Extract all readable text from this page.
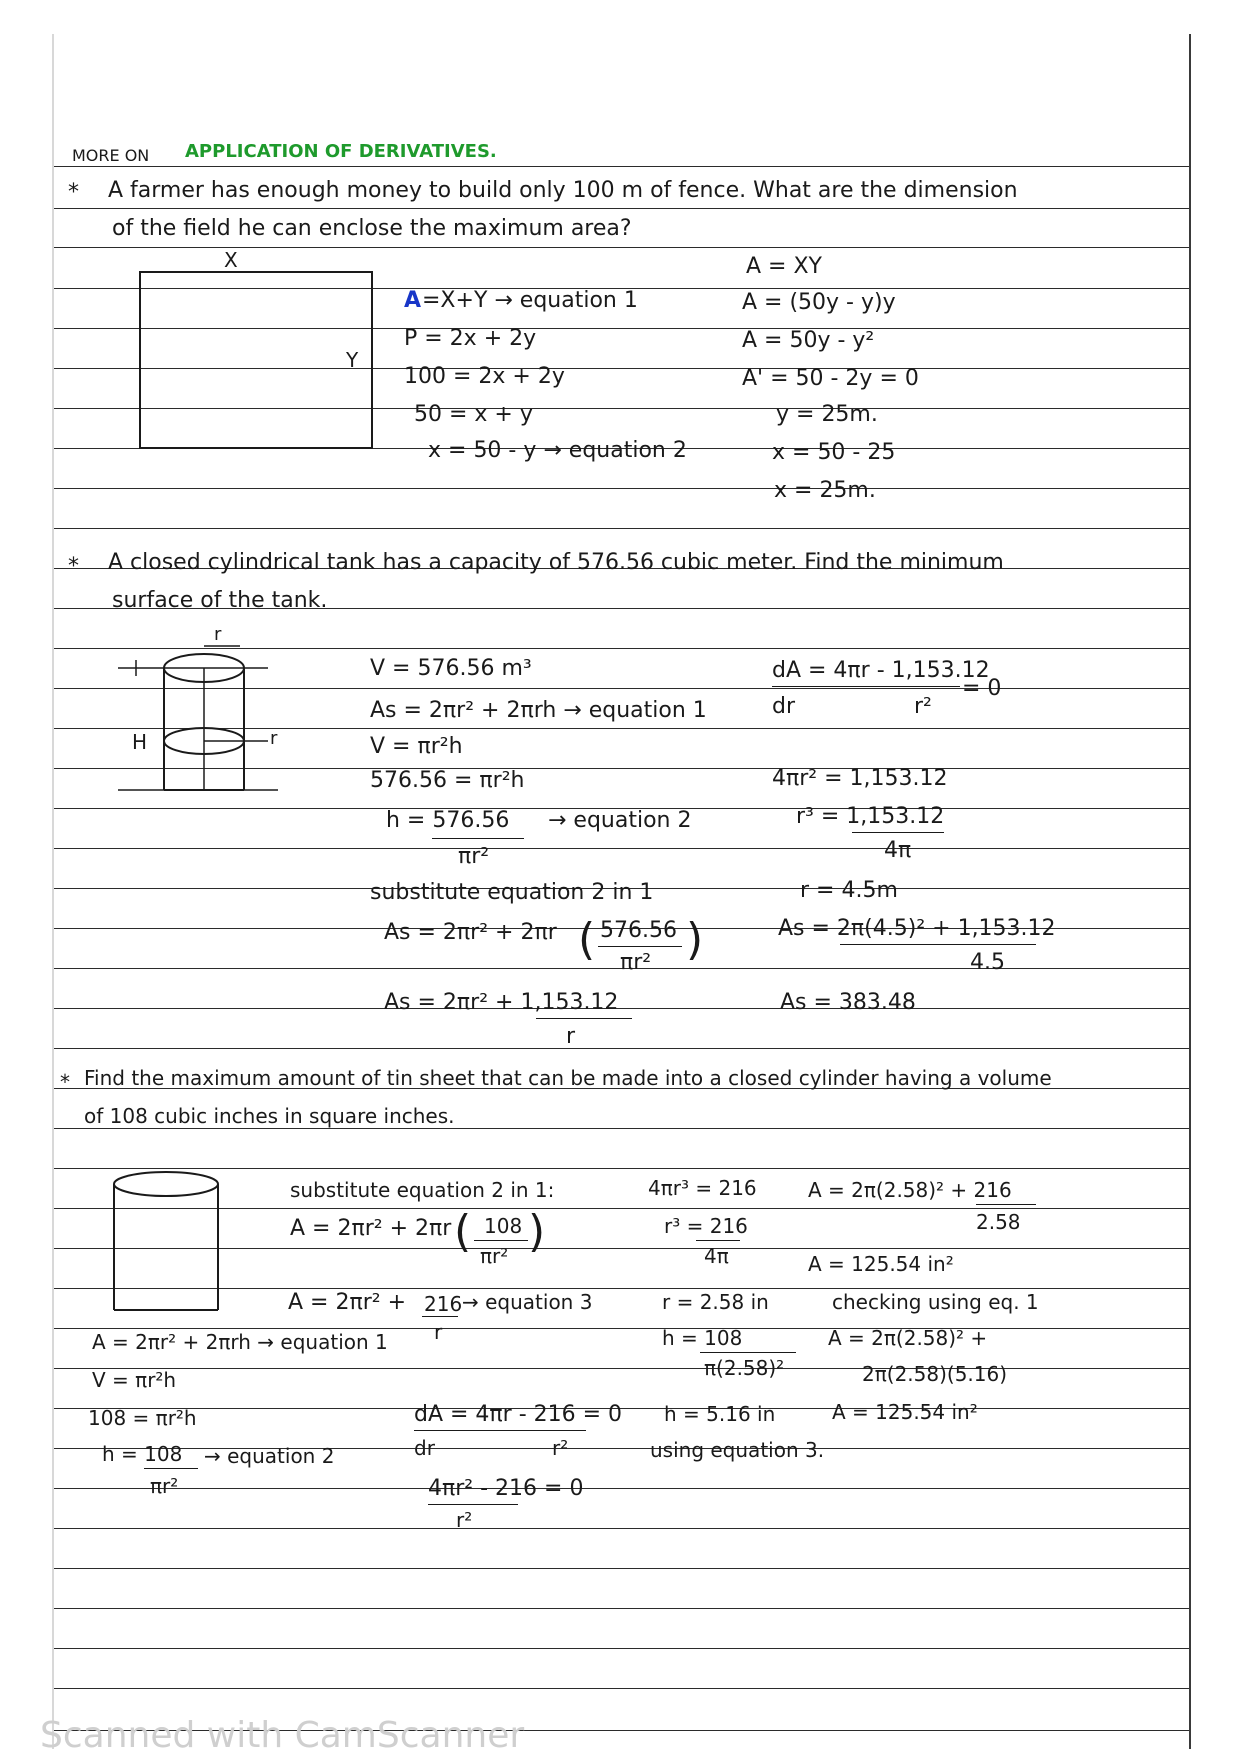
MORE ON APPLICATION OF DERIVATIVES.
* A farmer has enough money to build only 100 m of fence. What are the dimension
of the field he can enclose the maximum area?
X
Y
A =X+Y → equation 1
P = 2x + 2y
100 = 2x + 2y
50 = x + y
x = 50 - y → equation 2
A = XY
A = (50y - y)y
A = 50y - y²
A' = 50 - 2y = 0
y = 25m.
x = 50 - 25
x = 25m.
* A closed cylindrical tank has a capacity of 576.56 cubic meter. Find the minimum
surface of the tank.
r
H	r
V = 576.56 m³
As = 2πr² + 2πrh → equation 1
V = πr²h
576.56 = πr²h
h = 576.56 → equation 2
πr²
substitute equation 2 in 1
As = 2πr² + 2πr ( 576.56
πr² )
As = 2πr² + 1,153.12
r
dA = 4πr - 1,153.12
= 0
dr	r²
4πr² = 1,153.12
r³ = 1,153.12
4π
r = 4.5m
As = 2π(4.5)² + 1,153.12
4.5
As = 383.48
* Find the maximum amount of tin sheet that can be made into a closed cylinder having a volume
of 108 cubic inches in square inches.
substitute equation 2 in 1:
A = 2πr² + 2πr ( 108
πr² )
A = 2πr² + 216 → equation 3
r
dA = 4πr - 216 = 0
dr	r²
4πr² - 216 = 0
r²
A = 2πr² + 2πrh → equation 1
V = πr²h
108 = πr²h
h = 108 → equation 2
πr²
4πr³ = 216
r³ = 216
4π
r = 2.58 in
h = 108
π(2.58)²
h = 5.16 in
using equation 3.
A = 2π(2.58)² + 216
2.58
A = 125.54 in²
checking using eq. 1
A = 2π(2.58)² +
2π(2.58)(5.16)
A = 125.54 in²
Scanned with CamScanner
